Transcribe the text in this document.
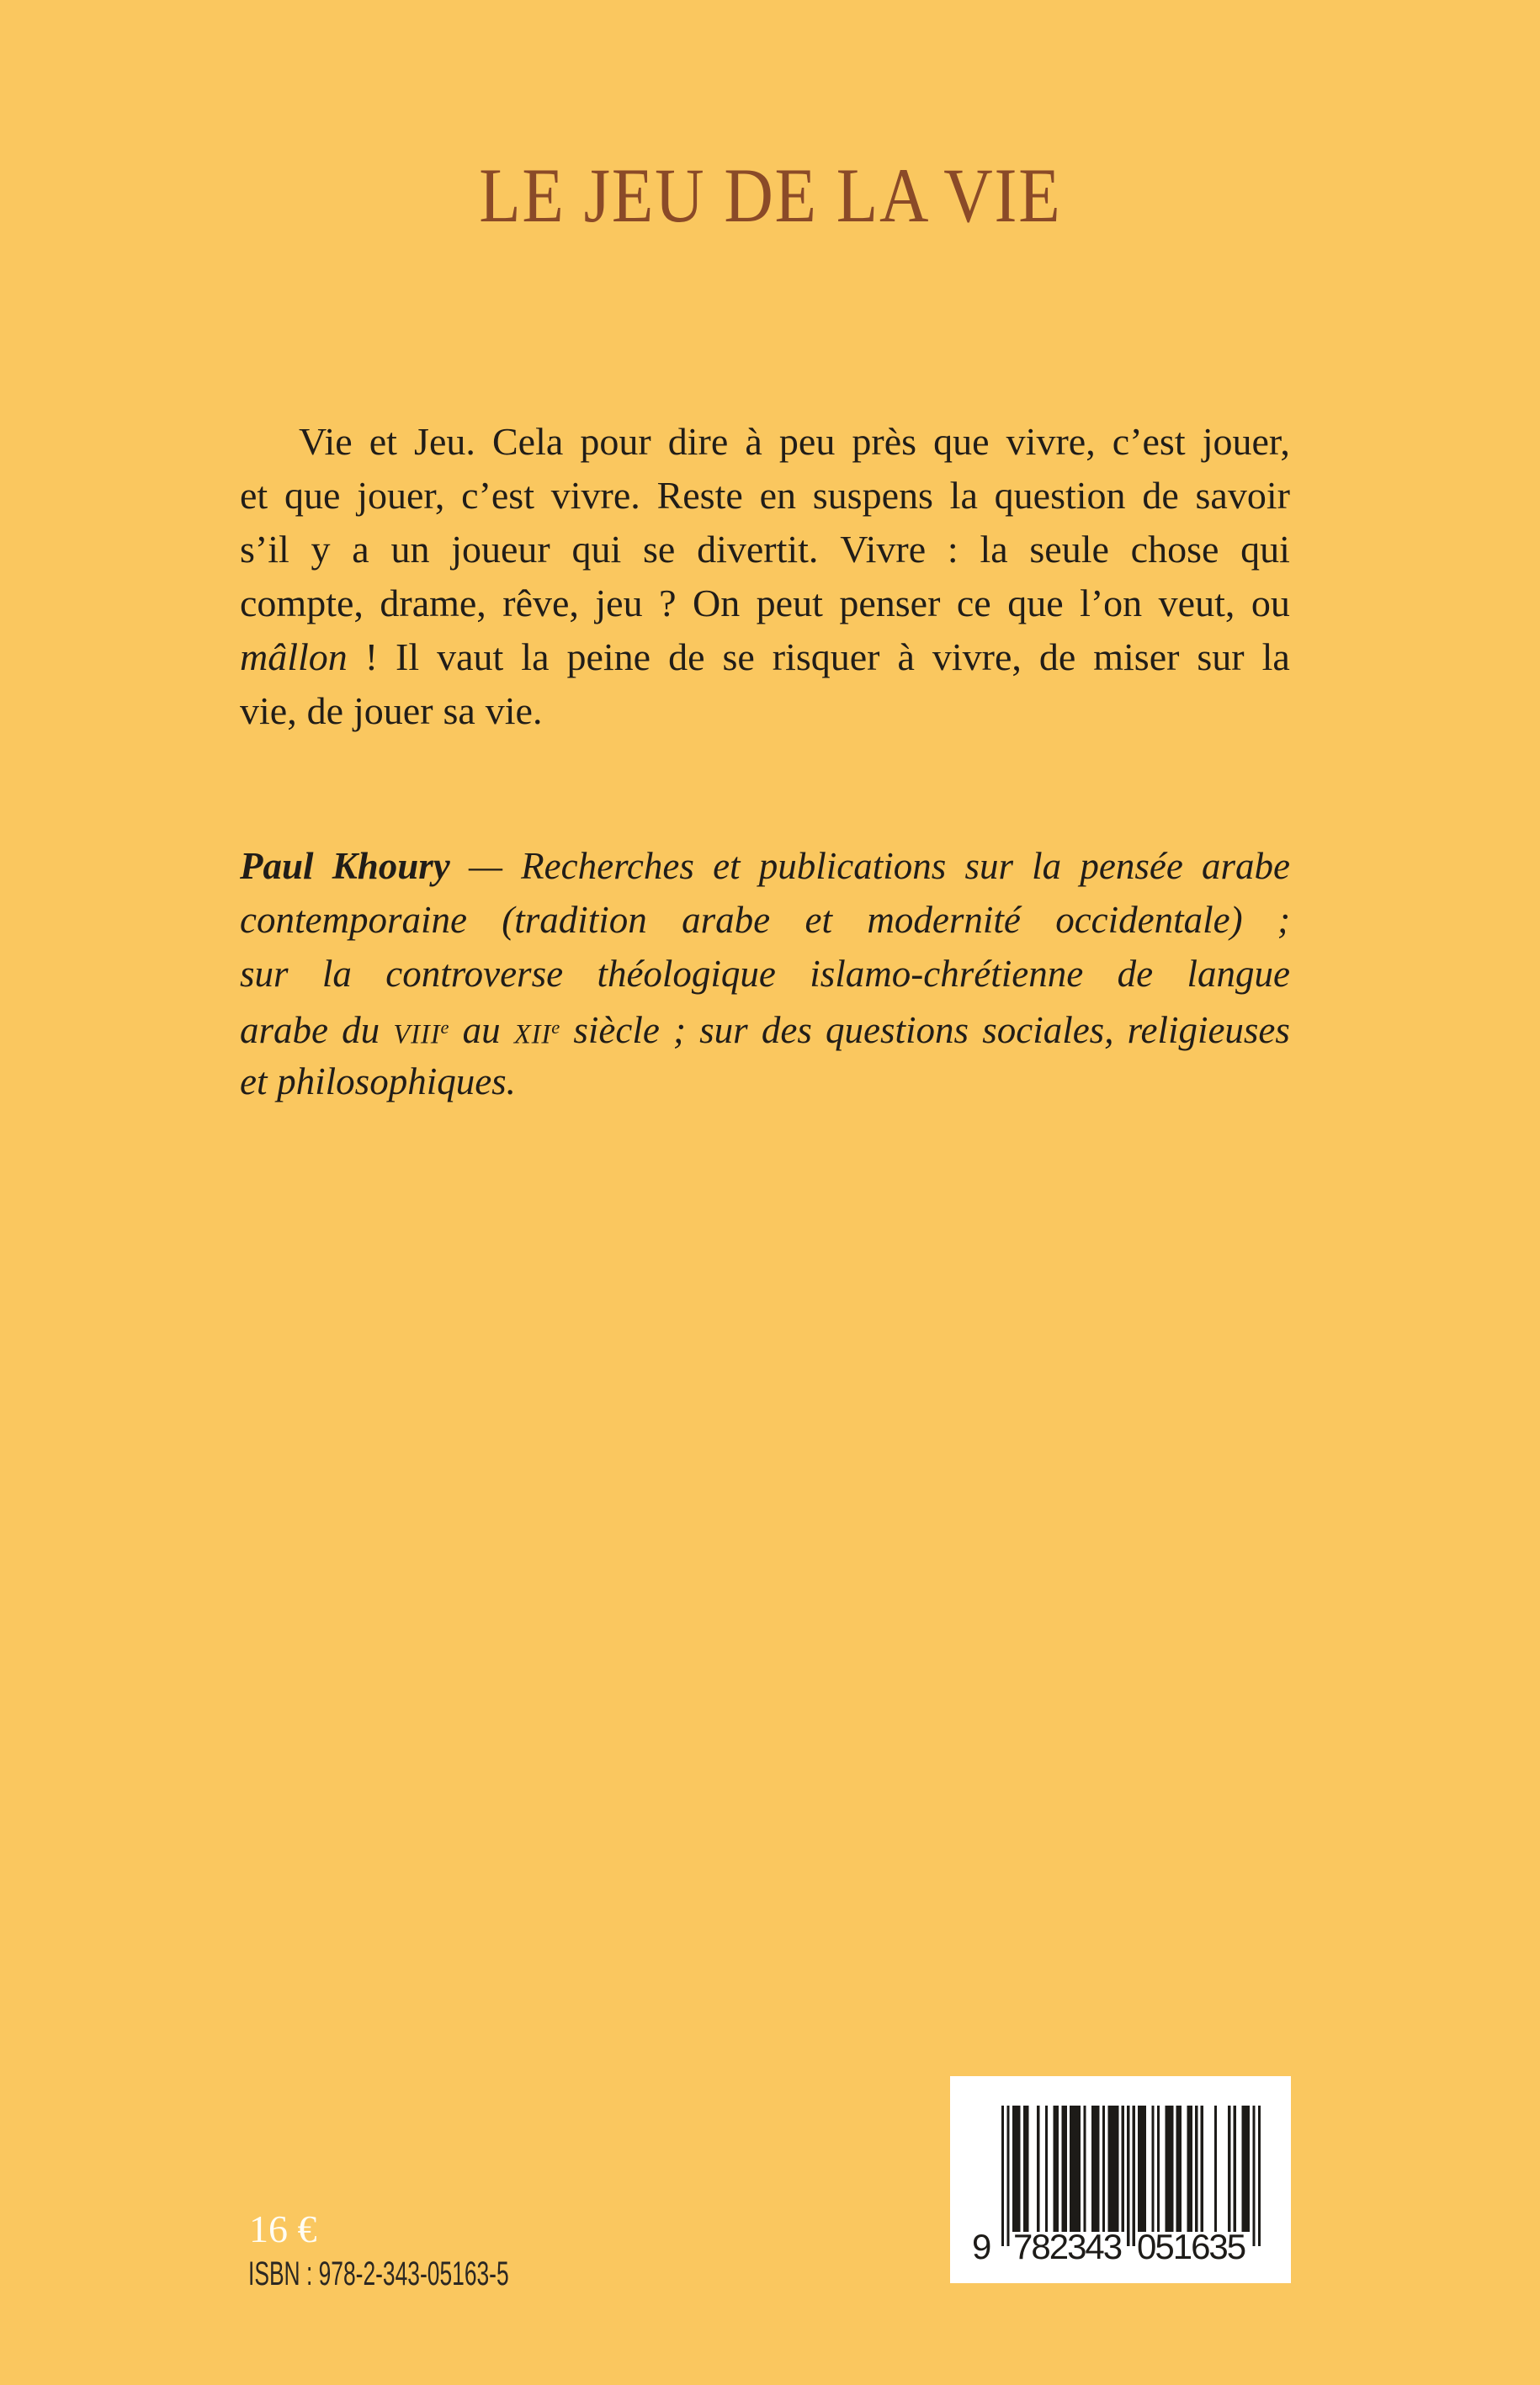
LE JEU DE LA VIE
Vie et Jeu. Cela pour dire à peu près que vivre, c’est jouer,
et que jouer, c’est vivre. Reste en suspens la question de savoir
s’il y a un joueur qui se divertit. Vivre : la seule chose qui
compte, drame, rêve, jeu ? On peut penser ce que l’on veut, ou
mâllon ! Il vaut la peine de se risquer à vivre, de miser sur la
vie, de jouer sa vie.
Paul Khoury — Recherches et publications sur la pensée arabe
contemporaine (tradition arabe et modernité occidentale) ;
sur la controverse théologique islamo-chrétienne de langue
arabe du VIIIe au XIIe siècle ; sur des questions sociales, religieuses
et philosophiques.
16 €
ISBN : 978-2-343-05163-5
9 782343 051635
